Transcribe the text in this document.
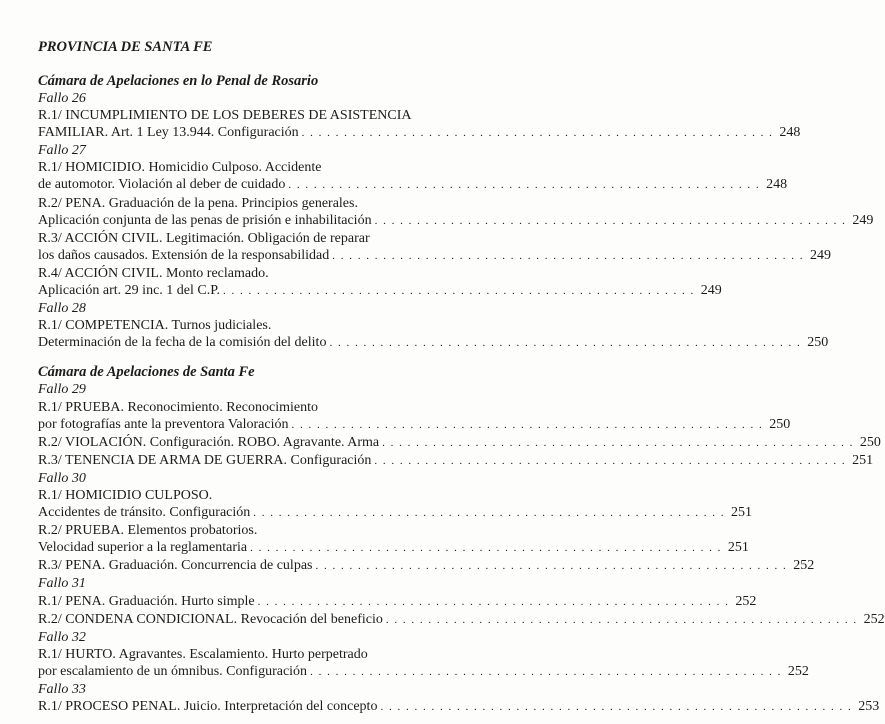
PROVINCIA DE SANTA FE
Cámara de Apelaciones en lo Penal de Rosario
Fallo 26
R.1/ INCUMPLIMIENTO DE LOS DEBERES DE ASISTENCIA
FAMILIAR. Art. 1 Ley 13.944. Configuración . . . . . . . . . . . . . . . . . . . . . . . . . . . . . . . . . . . . . . . . . . . . . . . . . . . . . . . . 248
Fallo 27
R.1/ HOMICIDIO. Homicidio Culposo. Accidente
de automotor. Violación al deber de cuidado . . . . . . . . . . . . . . . . . . . . . . . . . . . . . . . . . . . . . . . . . . . . . . . . . . . . . . . . 248
R.2/ PENA. Graduación de la pena. Principios generales.
Aplicación conjunta de las penas de prisión e inhabilitación . . . . . . . . . . . . . . . . . . . . . . . . . . . . . . . . . . . . . . . . . . . . . . . . . . . . . . . . 249
R.3/ ACCIÓN CIVIL. Legitimación. Obligación de reparar
los daños causados. Extensión de la responsabilidad . . . . . . . . . . . . . . . . . . . . . . . . . . . . . . . . . . . . . . . . . . . . . . . . . . . . . . . . 249
R.4/ ACCIÓN CIVIL. Monto reclamado.
Aplicación art. 29 inc. 1 del C.P. . . . . . . . . . . . . . . . . . . . . . . . . . . . . . . . . . . . . . . . . . . . . . . . . . . . . . . . . 249
Fallo 28
R.1/ COMPETENCIA. Turnos judiciales.
Determinación de la fecha de la comisión del delito . . . . . . . . . . . . . . . . . . . . . . . . . . . . . . . . . . . . . . . . . . . . . . . . . . . . . . . . 250
Cámara de Apelaciones de Santa Fe
Fallo 29
R.1/ PRUEBA. Reconocimiento. Reconocimiento
por fotografías ante la preventora Valoración . . . . . . . . . . . . . . . . . . . . . . . . . . . . . . . . . . . . . . . . . . . . . . . . . . . . . . . . 250
R.2/ VIOLACIÓN. Configuración. ROBO. Agravante. Arma . . . . . . . . . . . . . . . . . . . . . . . . . . . . . . . . . . . . . . . . . . . . . . . . . . . . . . . . 250
R.3/ TENENCIA DE ARMA DE GUERRA. Configuración . . . . . . . . . . . . . . . . . . . . . . . . . . . . . . . . . . . . . . . . . . . . . . . . . . . . . . . . 251
Fallo 30
R.1/ HOMICIDIO CULPOSO.
Accidentes de tránsito. Configuración . . . . . . . . . . . . . . . . . . . . . . . . . . . . . . . . . . . . . . . . . . . . . . . . . . . . . . . . 251
R.2/ PRUEBA. Elementos probatorios.
Velocidad superior a la reglamentaria . . . . . . . . . . . . . . . . . . . . . . . . . . . . . . . . . . . . . . . . . . . . . . . . . . . . . . . . 251
R.3/ PENA. Graduación. Concurrencia de culpas . . . . . . . . . . . . . . . . . . . . . . . . . . . . . . . . . . . . . . . . . . . . . . . . . . . . . . . . 252
Fallo 31
R.1/ PENA. Graduación. Hurto simple . . . . . . . . . . . . . . . . . . . . . . . . . . . . . . . . . . . . . . . . . . . . . . . . . . . . . . . . 252
R.2/ CONDENA CONDICIONAL. Revocación del beneficio . . . . . . . . . . . . . . . . . . . . . . . . . . . . . . . . . . . . . . . . . . . . . . . . . . . . . . . . 252
Fallo 32
R.1/ HURTO. Agravantes. Escalamiento. Hurto perpetrado
por escalamiento de un ómnibus. Configuración . . . . . . . . . . . . . . . . . . . . . . . . . . . . . . . . . . . . . . . . . . . . . . . . . . . . . . . . 252
Fallo 33
R.1/ PROCESO PENAL. Juicio. Interpretación del concepto . . . . . . . . . . . . . . . . . . . . . . . . . . . . . . . . . . . . . . . . . . . . . . . . . . . . . . . . 253
